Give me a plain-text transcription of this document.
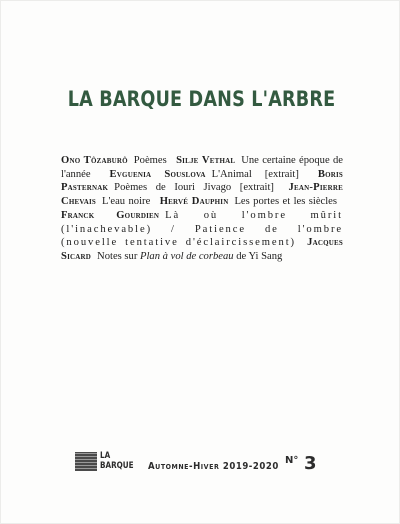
LA BARQUE DANS L'ARBRE
Ono Tôzaburô Poèmes Silje Vethal Une certaine époque de l'année Evguenia Souslova L'Animal [extrait] Boris Pasternak Poèmes de Iouri Jivago [extrait] Jean-Pierre Chevais L'eau noire Hervé Dauphin Les portes et les siècles Franck Gourdien Là où l'ombre mûrit (l'inachevable) / Patience de l'ombre (nouvelle tentative d'éclaircissement) Jacques Sicard Notes sur Plan à vol de corbeau de Yi Sang
LA
BARQUE Automne-Hiver 2019-2020
$^{N^\circ}$ 3
